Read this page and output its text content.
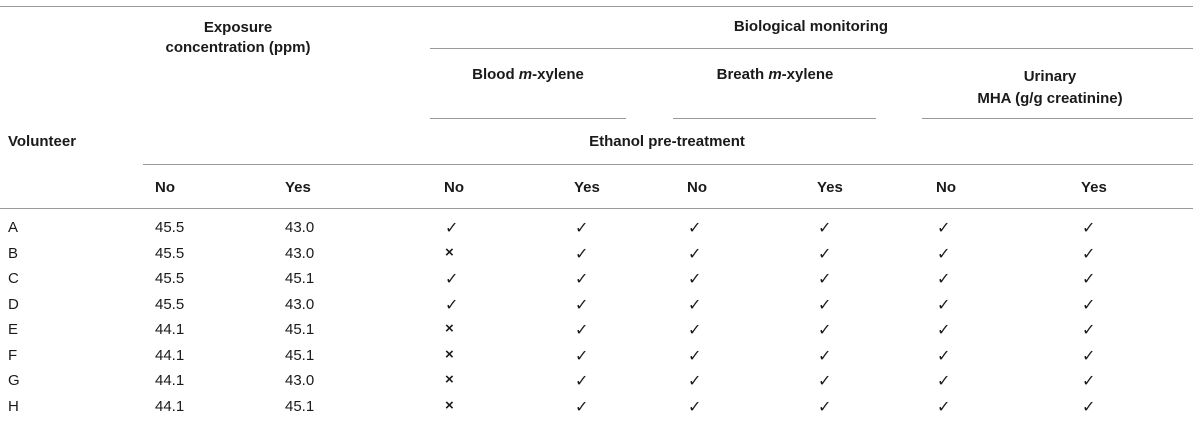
Exposure
concentration (ppm)
Biological monitoring
Blood m-xylene	Breath m-xylene	Urinary
MHA (g/g creatinine)
Volunteer	Ethanol pre-treatment
No	Yes	No	Yes	No	Yes	No	Yes
A	45.5	43.0	✓	✓	✓	✓	✓	✓
B	45.5	43.0	×	✓	✓	✓	✓	✓
C	45.5	45.1	✓	✓	✓	✓	✓	✓
D	45.5	43.0	✓	✓	✓	✓	✓	✓
E	44.1	45.1	×	✓	✓	✓	✓	✓
F	44.1	45.1	×	✓	✓	✓	✓	✓
G	44.1	43.0	×	✓	✓	✓	✓	✓
H	44.1	45.1	×	✓	✓	✓	✓	✓
